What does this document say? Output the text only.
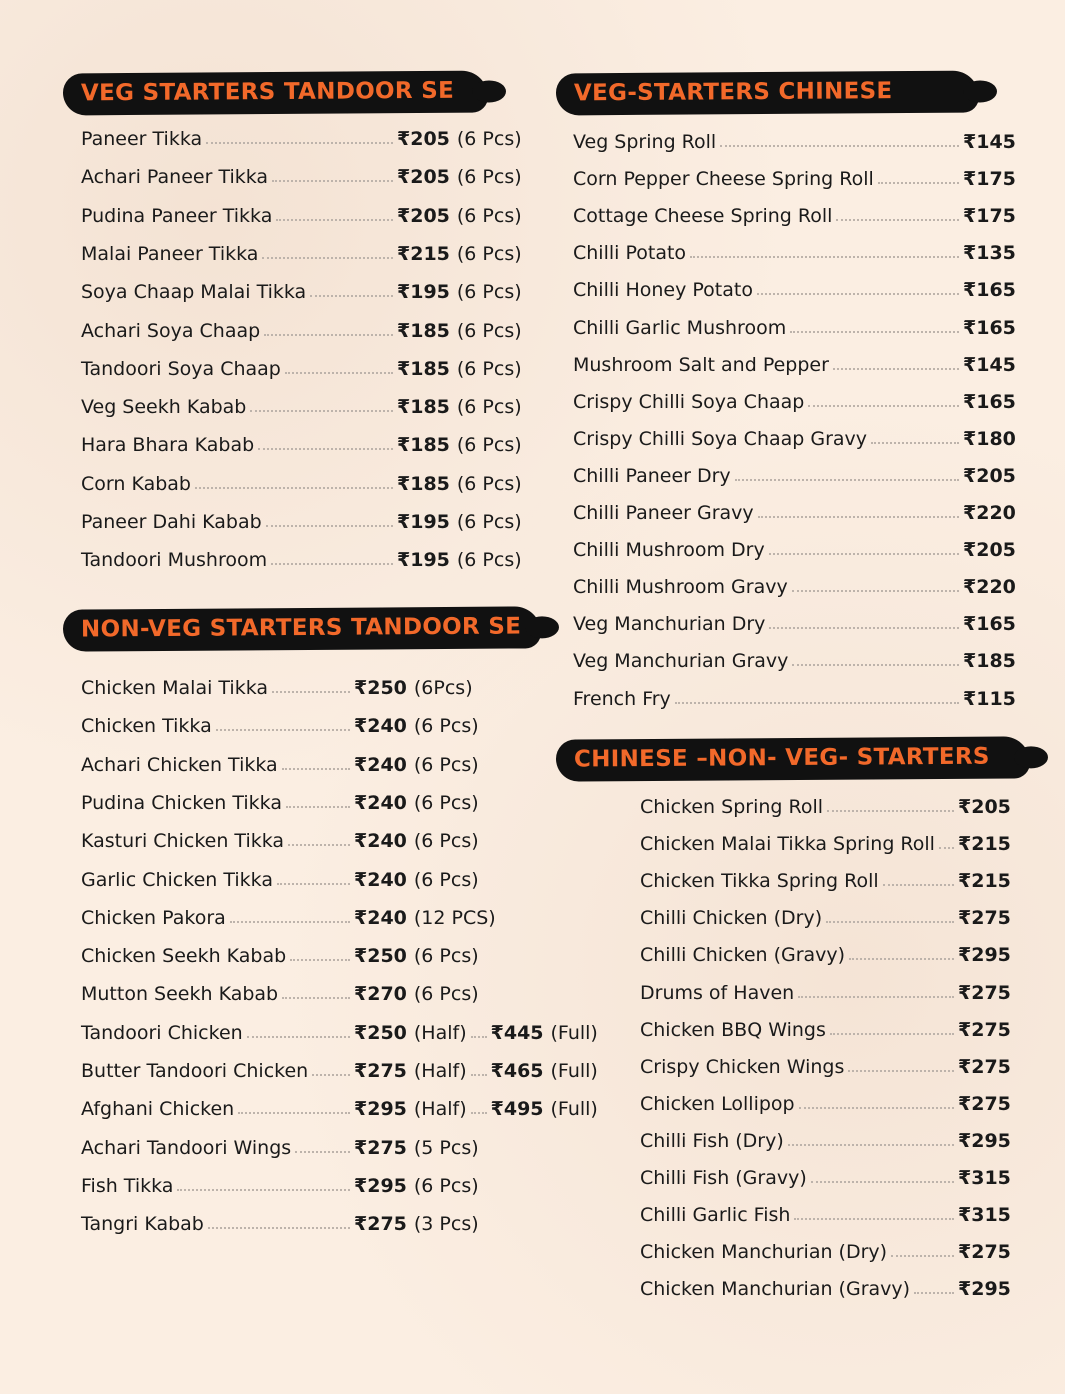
VEG STARTERS TANDOOR SE
NON-VEG STARTERS TANDOOR SE
VEG-STARTERS CHINESE
CHINESE –NON- VEG- STARTERS
Paneer Tikka	₹205 (6 Pcs)
Achari Paneer Tikka	₹205 (6 Pcs)
Pudina Paneer Tikka	₹205 (6 Pcs)
Malai Paneer Tikka	₹215 (6 Pcs)
Soya Chaap Malai Tikka	₹195 (6 Pcs)
Achari Soya Chaap	₹185 (6 Pcs)
Tandoori Soya Chaap	₹185 (6 Pcs)
Veg Seekh Kabab	₹185 (6 Pcs)
Hara Bhara Kabab	₹185 (6 Pcs)
Corn Kabab	₹185 (6 Pcs)
Paneer Dahi Kabab	₹195 (6 Pcs)
Tandoori Mushroom	₹195 (6 Pcs)
Chicken Malai Tikka	₹250 (6Pcs)
Chicken Tikka	₹240 (6 Pcs)
Achari Chicken Tikka	₹240 (6 Pcs)
Pudina Chicken Tikka	₹240 (6 Pcs)
Kasturi Chicken Tikka	₹240 (6 Pcs)
Garlic Chicken Tikka	₹240 (6 Pcs)
Chicken Pakora	₹240 (12 PCS)
Chicken Seekh Kabab	₹250 (6 Pcs)
Mutton Seekh Kabab	₹270 (6 Pcs)
Tandoori Chicken	₹250 (Half) ₹445 (Full)
Butter Tandoori Chicken ₹275 (Half) ₹465 (Full)
Afghani Chicken	₹295 (Half) ₹495 (Full)
Achari Tandoori Wings	₹275 (5 Pcs)
Fish Tikka	₹295 (6 Pcs)
Tangri Kabab	₹275 (3 Pcs)
Veg Spring Roll	₹145
Corn Pepper Cheese Spring Roll	₹175
Cottage Cheese Spring Roll	₹175
Chilli Potato	₹135
Chilli Honey Potato	₹165
Chilli Garlic Mushroom	₹165
Mushroom Salt and Pepper	₹145
Crispy Chilli Soya Chaap	₹165
Crispy Chilli Soya Chaap Gravy	₹180
Chilli Paneer Dry	₹205
Chilli Paneer Gravy	₹220
Chilli Mushroom Dry	₹205
Chilli Mushroom Gravy	₹220
Veg Manchurian Dry	₹165
Veg Manchurian Gravy	₹185
French Fry	₹115
Chicken Spring Roll	₹205
Chicken Malai Tikka Spring Roll ₹215
Chicken Tikka Spring Roll	₹215
Chilli Chicken (Dry)	₹275
Chilli Chicken (Gravy)	₹295
Drums of Haven	₹275
Chicken BBQ Wings	₹275
Crispy Chicken Wings	₹275
Chicken Lollipop	₹275
Chilli Fish (Dry)	₹295
Chilli Fish (Gravy)	₹315
Chilli Garlic Fish	₹315
Chicken Manchurian (Dry)	₹275
Chicken Manchurian (Gravy)	₹295
